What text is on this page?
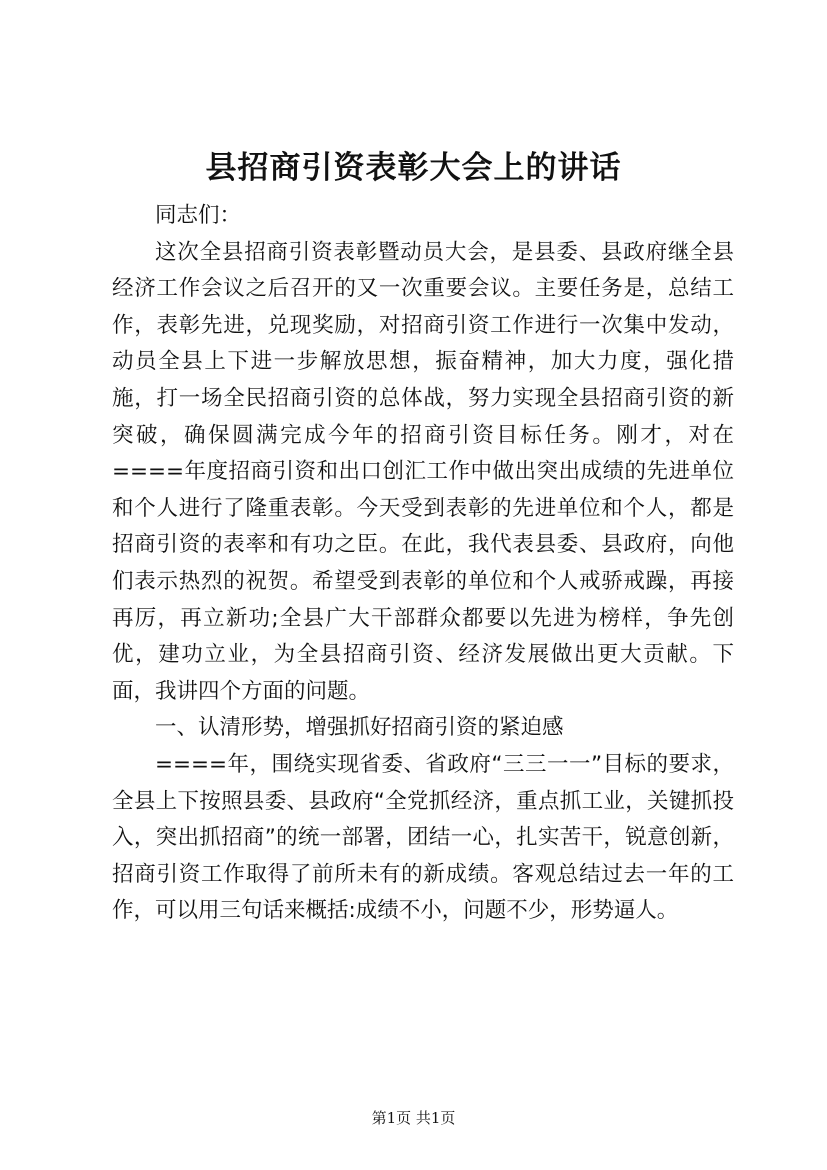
县招商引资表彰大会上的讲话

同志们：

这次全县招商引资表彰暨动员大会，是县委、县政府继全县经济工作会议之后召开的又一次重要会议。主要任务是，总结工作，表彰先进，兑现奖励，对招商引资工作进行一次集中发动，动员全县上下进一步解放思想，振奋精神，加大力度，强化措施，打一场全民招商引资的总体战，努力实现全县招商引资的新突破，确保圆满完成今年的招商引资目标任务。刚才，对在====年度招商引资和出口创汇工作中做出突出成绩的先进单位和个人进行了隆重表彰。今天受到表彰的先进单位和个人，都是招商引资的表率和有功之臣。在此，我代表县委、县政府，向他们表示热烈的祝贺。希望受到表彰的单位和个人戒骄戒躁，再接再厉，再立新功;全县广大干部群众都要以先进为榜样，争先创优，建功立业，为全县招商引资、经济发展做出更大贡献。下面，我讲四个方面的问题。

一、认清形势，增强抓好招商引资的紧迫感

====年，围绕实现省委、省政府“三三一一”目标的要求，全县上下按照县委、县政府“全党抓经济，重点抓工业，关键抓投入，突出抓招商”的统一部署，团结一心，扎实苦干，锐意创新，招商引资工作取得了前所未有的新成绩。客观总结过去一年的工作，可以用三句话来概括:成绩不小，问题不少，形势逼人。

第1页 共1页
